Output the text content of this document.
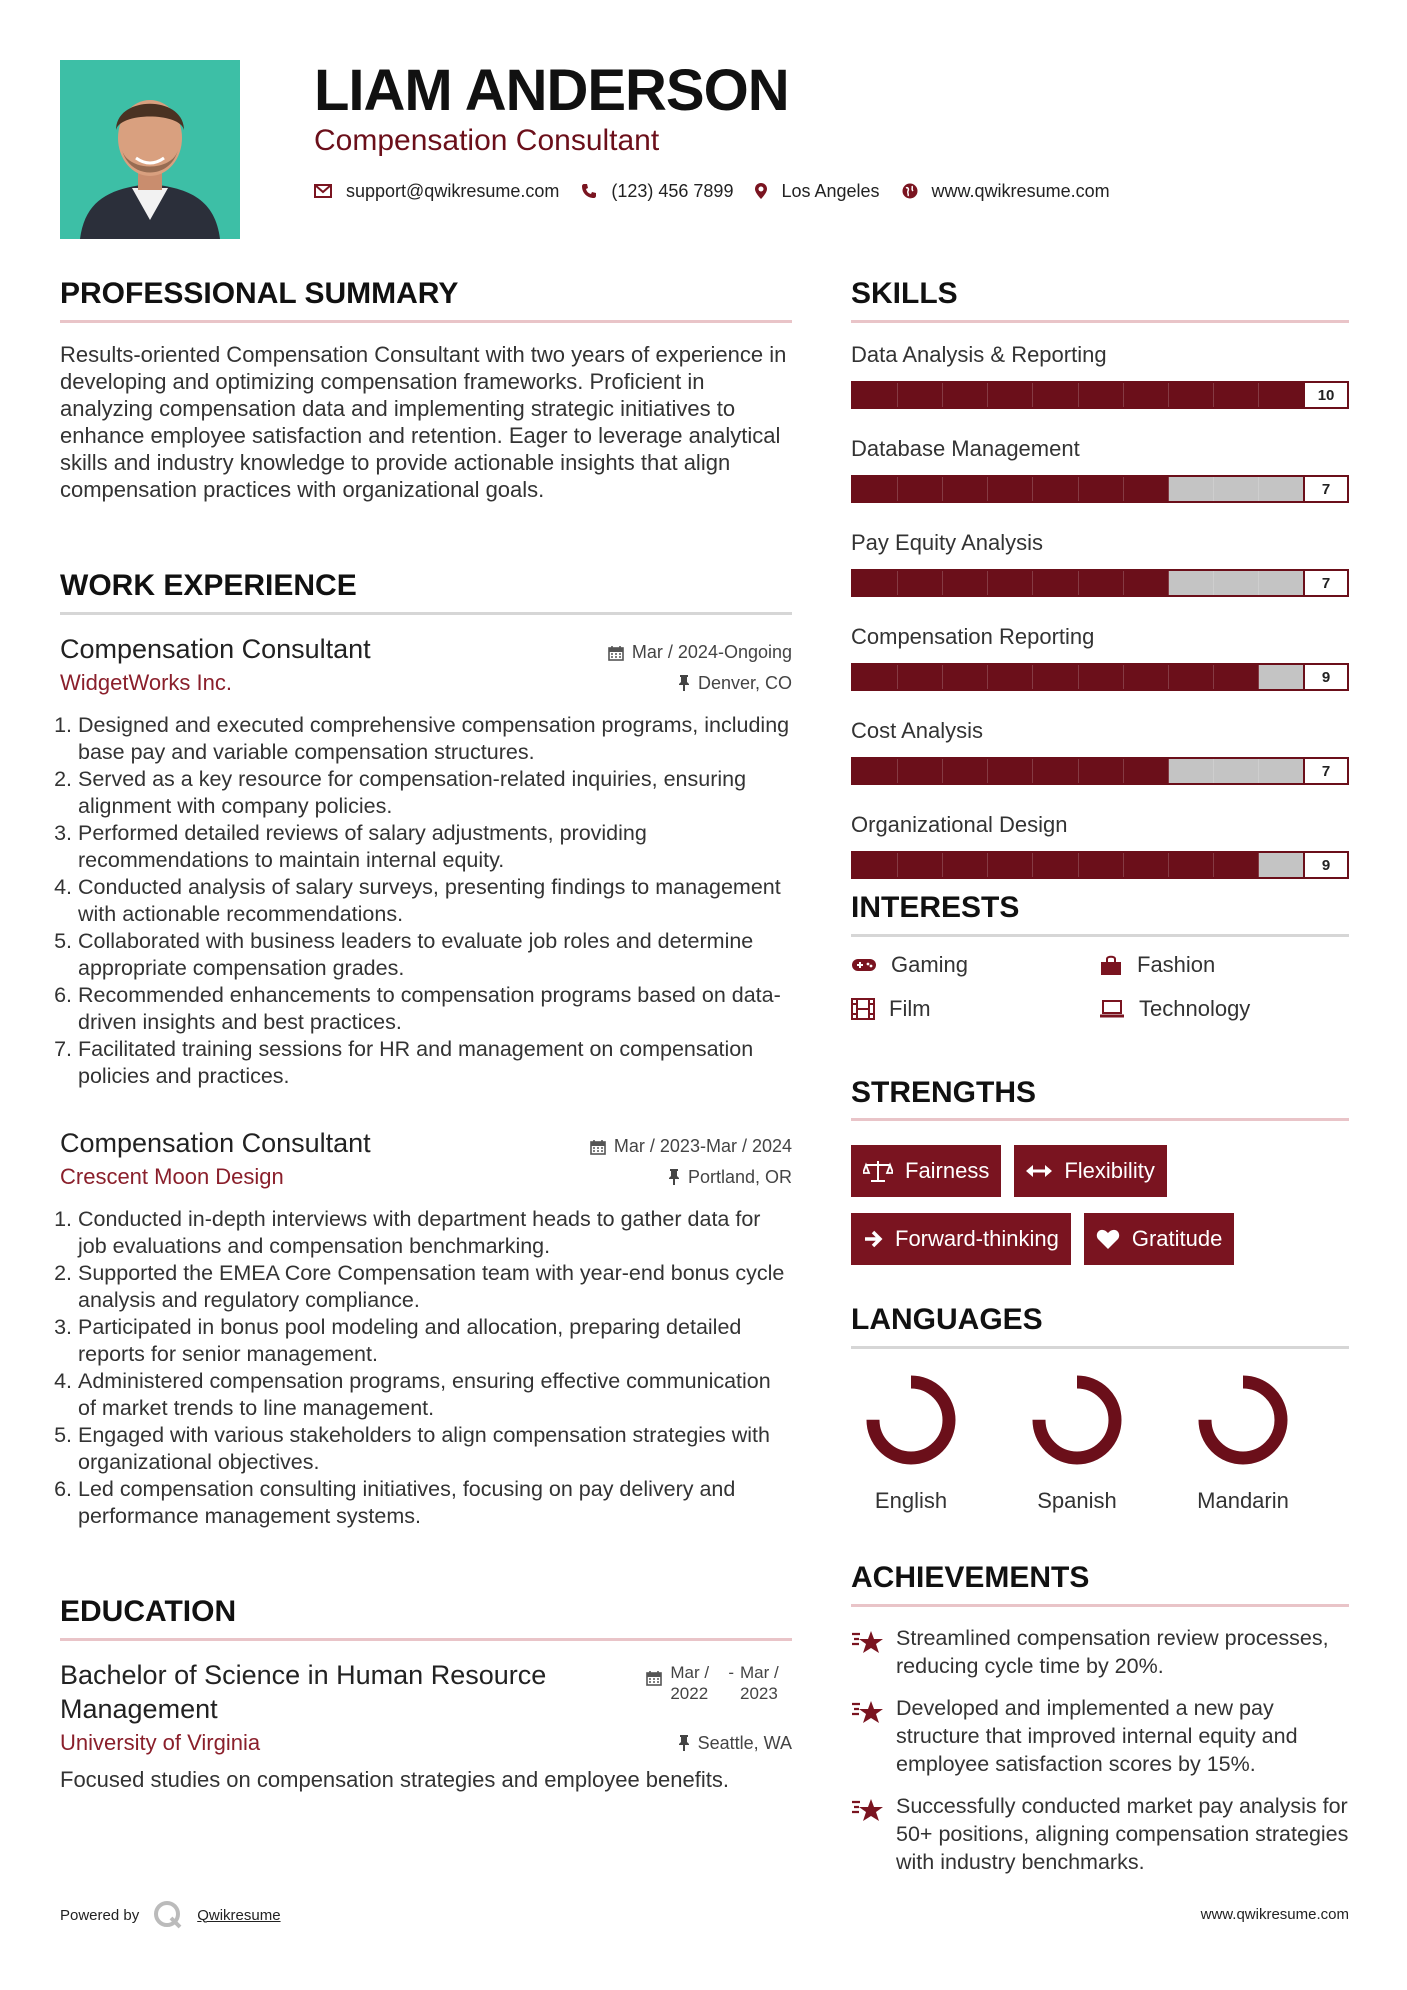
LIAM ANDERSON
Compensation Consultant
support@qwikresume.com	(123) 456 7899	Los Angeles	www.qwikresume.com
PROFESSIONAL SUMMARY
Results-oriented Compensation Consultant with two years of experience in developing and optimizing compensation frameworks. Proficient in analyzing compensation data and implementing strategic initiatives to enhance employee satisfaction and retention. Eager to leverage analytical skills and industry knowledge to provide actionable insights that align compensation practices with organizational goals.
WORK EXPERIENCE
Compensation Consultant	Mar / 2024-Ongoing
WidgetWorks Inc.	Denver, CO
1. Designed and executed comprehensive compensation programs, including base pay and variable compensation structures.
2. Served as a key resource for compensation-related inquiries, ensuring alignment with company policies.
3. Performed detailed reviews of salary adjustments, providing recommendations to maintain internal equity.
4. Conducted analysis of salary surveys, presenting findings to management with actionable recommendations.
5. Collaborated with business leaders to evaluate job roles and determine appropriate compensation grades.
6. Recommended enhancements to compensation programs based on data-driven insights and best practices.
7. Facilitated training sessions for HR and management on compensation policies and practices.
Compensation Consultant	Mar / 2023-Mar / 2024
Crescent Moon Design	Portland, OR
1. Conducted in-depth interviews with department heads to gather data for job evaluations and compensation benchmarking.
2. Supported the EMEA Core Compensation team with year-end bonus cycle analysis and regulatory compliance.
3. Participated in bonus pool modeling and allocation, preparing detailed reports for senior management.
4. Administered compensation programs, ensuring effective communication of market trends to line management.
5. Engaged with various stakeholders to align compensation strategies with organizational objectives.
6. Led compensation consulting initiatives, focusing on pay delivery and performance management systems.
EDUCATION
Bachelor of Science in Human Resource Management
Mar / 2022
- Mar / 2023
University of Virginia	Seattle, WA
Focused studies on compensation strategies and employee benefits.
Powered by	Qwikresume	www.qwikresume.com
SKILLS
Data Analysis & Reporting
10
Database Management
7
Pay Equity Analysis
7
Compensation Reporting
9
Cost Analysis
7
Organizational Design
9
INTERESTS
Gaming	Fashion
Film	Technology
STRENGTHS
Fairness	Flexibility
Forward-thinking	Gratitude
LANGUAGES
English	Spanish	Mandarin
ACHIEVEMENTS
Streamlined compensation review processes, reducing cycle time by 20%.
Developed and implemented a new pay structure that improved internal equity and employee satisfaction scores by 15%.
Successfully conducted market pay analysis for 50+ positions, aligning compensation strategies with industry benchmarks.
